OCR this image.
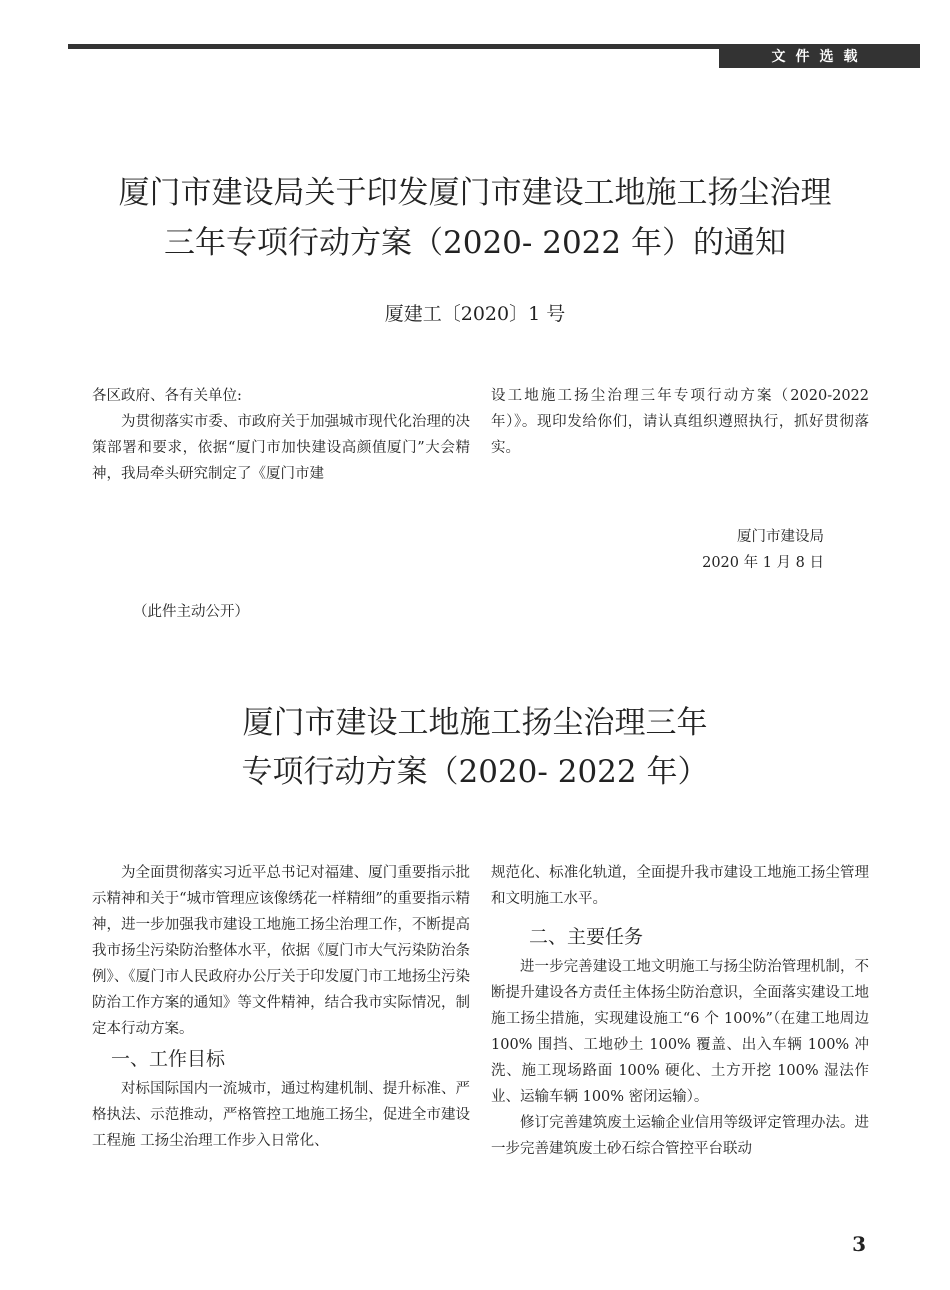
文件选载
厦门市建设局关于印发厦门市建设工地施工扬尘治理
三年专项行动方案（2020- 2022 年）的通知
厦建工〔2020〕1 号

各区政府、各有关单位:

为贯彻落实市委、市政府关于加强城市现代化治理的决策部署和要求，依据“厦门市加快建设高颜值厦门”大会精神，我局牵头研究制定了《厦门市建

设工地施工扬尘治理三年专项行动方案（2020-2022 年）》。现印发给你们，请认真组织遵照执行，抓好贯彻落实。

厦门市建设局
2020 年 1 月 8 日
（此件主动公开）
厦门市建设工地施工扬尘治理三年
专项行动方案（2020- 2022 年）

为全面贯彻落实习近平总书记对福建、厦门重要指示批示精神和关于“城市管理应该像绣花一样精细”的重要指示精神，进一步加强我市建设工地施工扬尘治理工作，不断提高我市扬尘污染防治整体水平，依据《厦门市大气污染防治条例》、《厦门市人民政府办公厅关于印发厦门市工地扬尘污染防治工作方案的通知》等文件精神，结合我市实际情况，制定本行动方案。

一、工作目标

对标国际国内一流城市，通过构建机制、提升标准、严格执法、示范推动，严格管控工地施工扬尘，促进全市建设工程施 工扬尘治理工作步入日常化、

规范化、标准化轨道，全面提升我市建设工地施工扬尘管理和文明施工水平。

二、主要任务

进一步完善建设工地文明施工与扬尘防治管理机制，不断提升建设各方责任主体扬尘防治意识，全面落实建设工地施工扬尘措施，实现建设施工“6 个 100%”（在建工地周边 100% 围挡、工地砂土 100% 覆盖、出入车辆 100% 冲洗、施工现场路面 100% 硬化、土方开挖 100% 湿法作业、运输车辆 100% 密闭运输）。

修订完善建筑废土运输企业信用等级评定管理办法。进一步完善建筑废土砂石综合管控平台联动

3
